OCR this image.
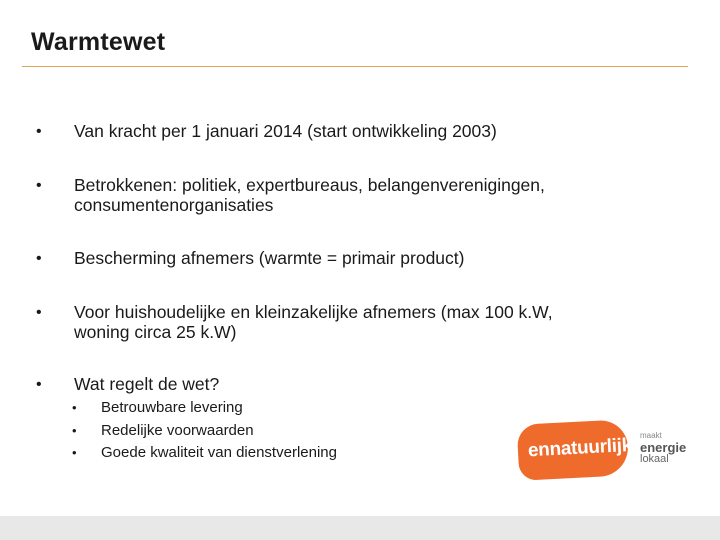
Warmtewet
• Van kracht per 1 januari 2014 (start ontwikkeling 2003)
• Betrokkenen: politiek, expertbureaus, belangenverenigingen,
consumentenorganisaties
• Bescherming afnemers (warmte = primair product)
• Voor huishoudelijke en kleinzakelijke afnemers (max 100 k.W,
woning circa 25 k.W)
• Wat regelt de wet?
• Betrouwbare levering
• Redelijke voorwaarden
• Goede kwaliteit van dienstverlening	ennatuurlijk maakt
energie
lokaal
